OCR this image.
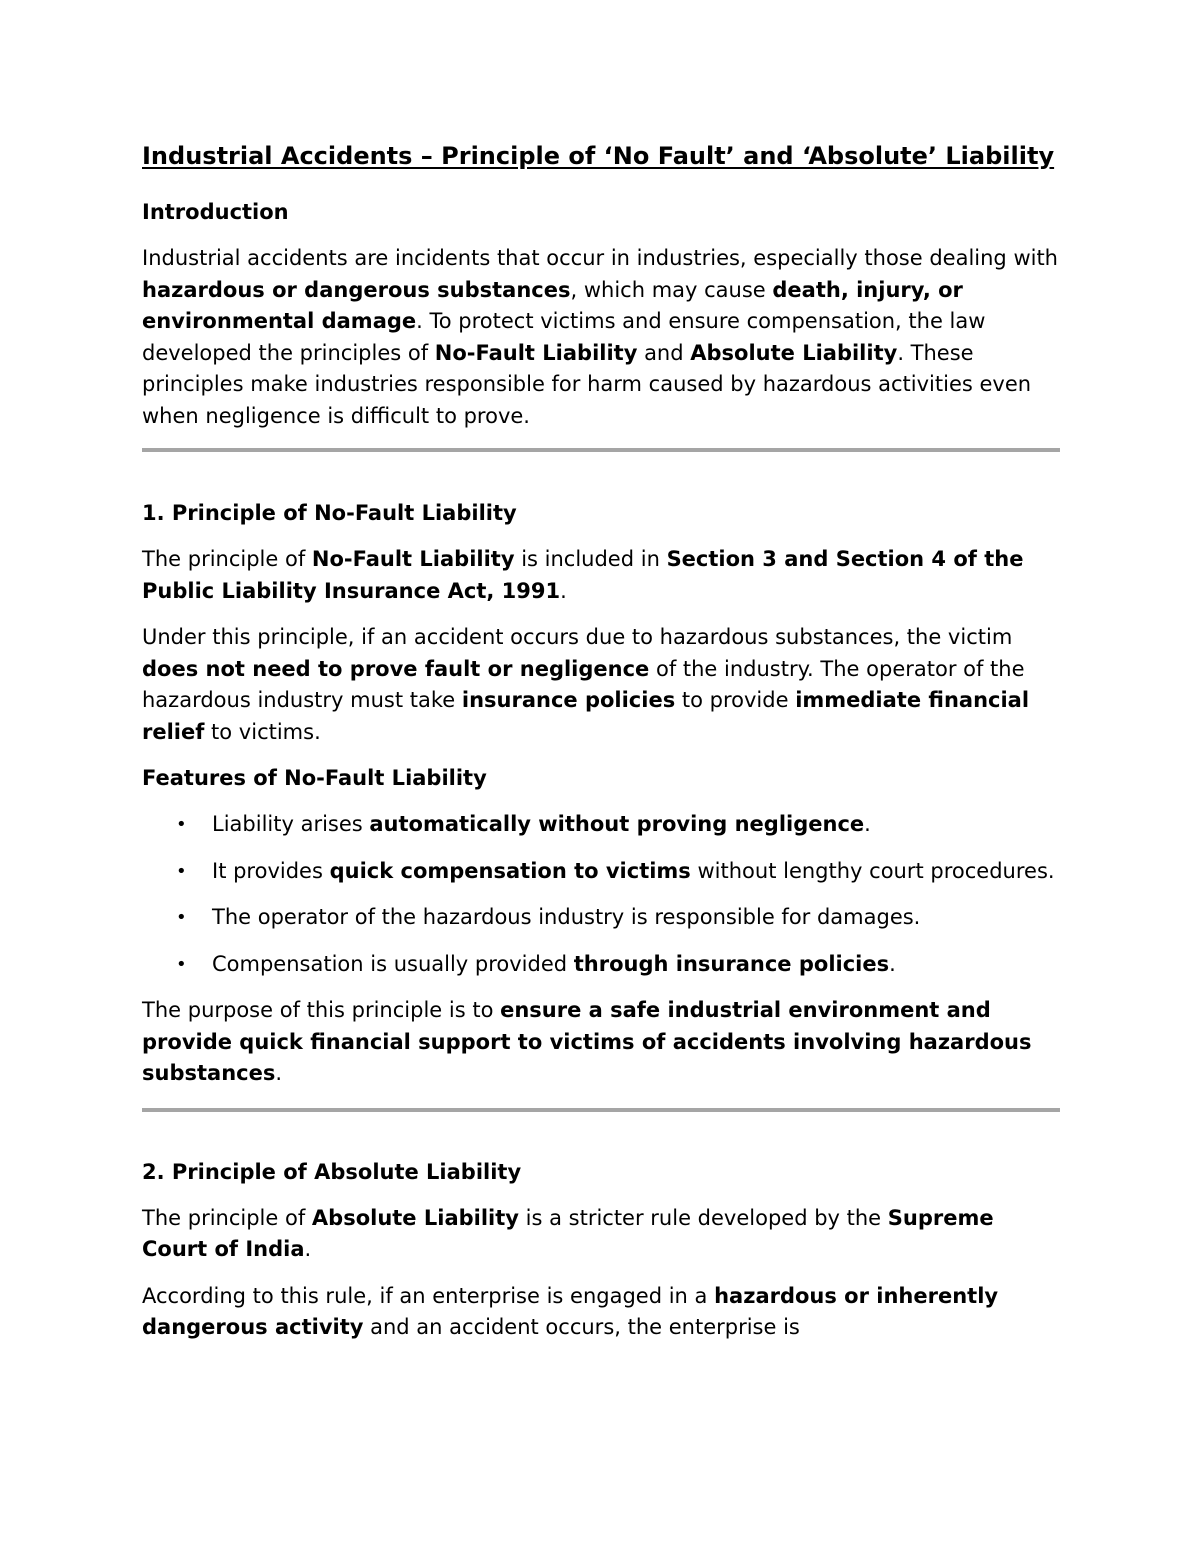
Industrial Accidents – Principle of ‘No Fault’ and ‘Absolute’ Liability
Introduction

Industrial accidents are incidents that occur in industries, especially those dealing with hazardous or dangerous substances, which may cause death, injury, or environmental damage. To protect victims and ensure compensation, the law developed the principles of No-Fault Liability and Absolute Liability. These principles make industries responsible for harm caused by hazardous activities even when negligence is difficult to prove.

1. Principle of No-Fault Liability

The principle of No-Fault Liability is included in Section 3 and Section 4 of the Public Liability Insurance Act, 1991.

Under this principle, if an accident occurs due to hazardous substances, the victim does not need to prove fault or negligence of the industry. The operator of the hazardous industry must take insurance policies to provide immediate financial relief to victims.

Features of No-Fault Liability
• Liability arises automatically without proving negligence.
• It provides quick compensation to victims without lengthy court procedures.
• The operator of the hazardous industry is responsible for damages.
• Compensation is usually provided through insurance policies.

The purpose of this principle is to ensure a safe industrial environment and provide quick financial support to victims of accidents involving hazardous substances.

2. Principle of Absolute Liability

The principle of Absolute Liability is a stricter rule developed by the Supreme Court of India.

According to this rule, if an enterprise is engaged in a hazardous or inherently dangerous activity and an accident occurs, the enterprise is
